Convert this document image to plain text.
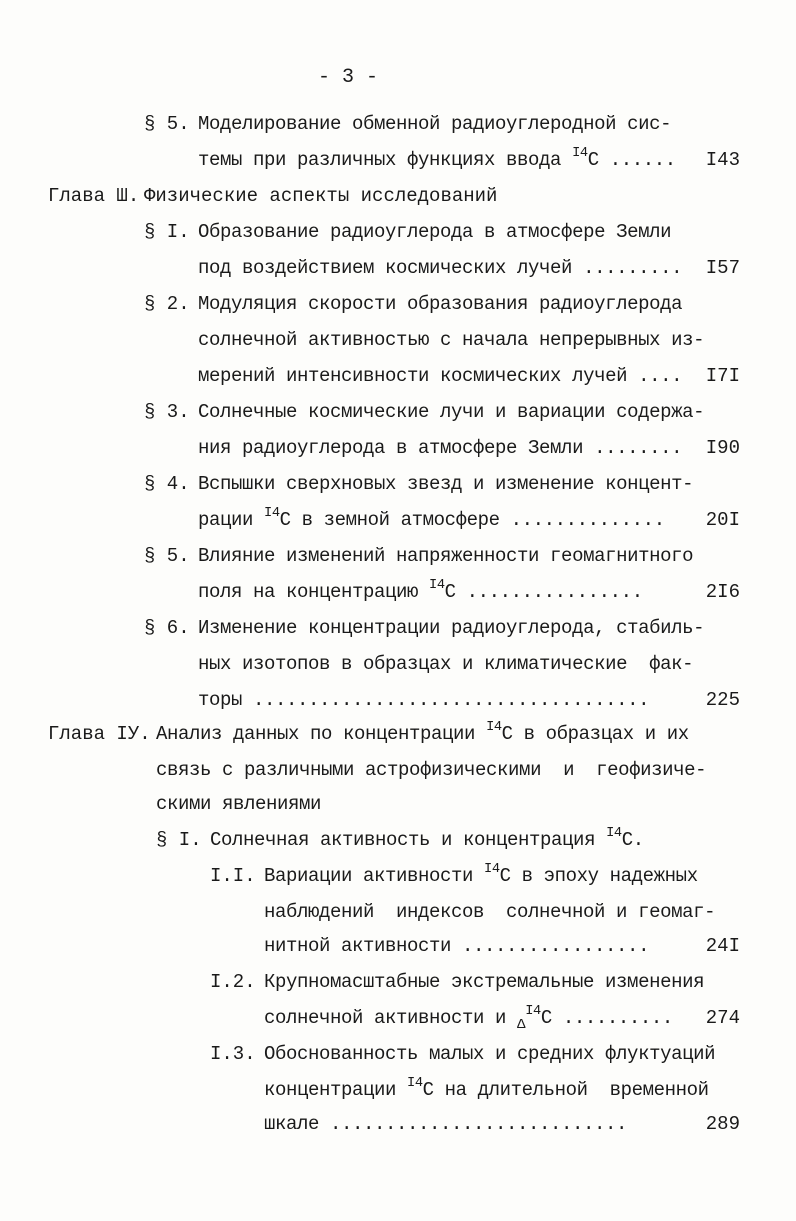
- 3 -
§ 5. Моделирование обменной радиоуглеродной сис-
темы при различных функциях ввода $^{I4}$C ......	I43
Глава Ш. Физические аспекты исследований
§ I. Образование радиоуглерода в атмосфере Земли
под воздействием космических лучей .........	I57
§ 2. Модуляция скорости образования радиоуглерода
солнечной активностью с начала непрерывных из-
мерений интенсивности космических лучей ....	I7I
§ 3. Солнечные космические лучи и вариации содержа-
ния радиоуглерода в атмосфере Земли ........	I90
§ 4. Вспышки сверхновых звезд и изменение концент-
рации $^{I4}$C в земной атмосфере ..............	20I
§ 5. Влияние изменений напряженности геомагнитного
поля на концентрацию $^{I4}$C ................	2I6
§ 6. Изменение концентрации радиоуглерода, стабиль-
ных изотопов в образцах и климатические  фак-
торы ....................................	225
Глава IУ. Анализ данных по концентрации $^{I4}$C в образцах и их
связь с различными астрофизическими  и  геофизиче-
скими явлениями
§ I. Солнечная активность и концентрация $^{I4}$C.
I.I. Вариации активности $^{I4}$C в эпоху надежных
наблюдений  индексов  солнечной и геомаг-
нитной активности .................	24I
I.2. Крупномасштабные экстремальные изменения
солнечной активности и $_\Delta^{I4}$C ..........	274
I.3. Обоснованность малых и средних флуктуаций
концентрации $^{I4}$C на длительной  временной
шкале ...........................	289
